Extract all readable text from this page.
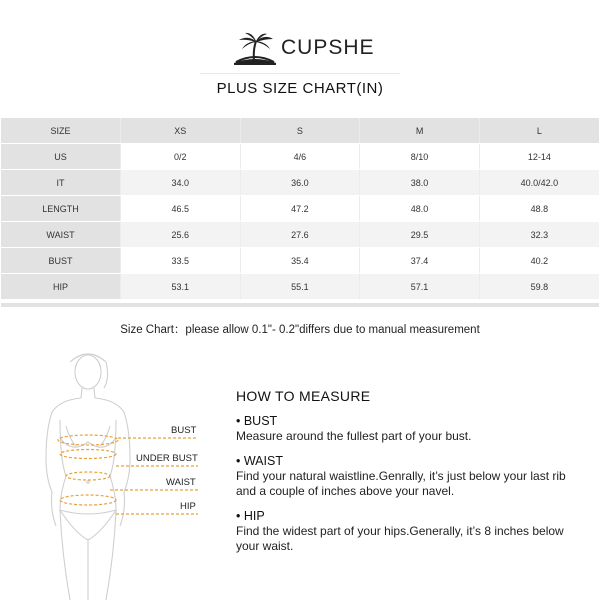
CUPSHE
PLUS SIZE CHART(IN)
SIZE	XS	S	M	L
US	0/2	4/6	8/10	12-14
IT	34.0	36.0	38.0	40.0/42.0
LENGTH	46.5	47.2	48.0	48.8
WAIST	25.6	27.6	29.5	32.3
BUST	33.5	35.4	37.4	40.2
HIP	53.1	55.1	57.1	59.8
Size Chart：please allow 0.1"- 0.2"differs due to manual measurement
BUST
UNDER BUST
WAIST
HIP
HOW TO MEASURE
• BUST
Measure around the fullest part of your bust.
• WAIST
Find your natural waistline.Genrally, it’s just below your last rib and a couple of inches above your navel.
• HIP
Find the widest part of your hips.Generally, it’s 8 inches below your waist.
